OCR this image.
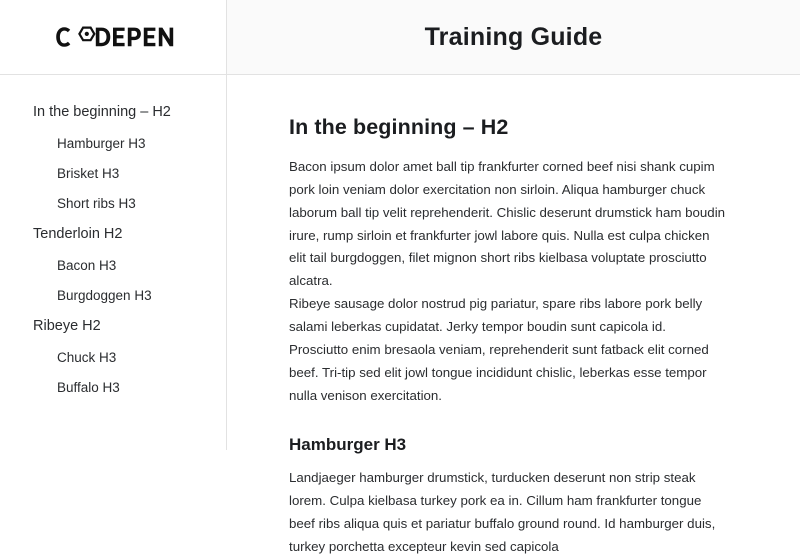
Training Guide
In the beginning – H2
Hamburger H3
Brisket H3
Short ribs H3
Tenderloin H2
Bacon H3
Burgdoggen H3
Ribeye H2
Chuck H3
Buffalo H3
In the beginning – H2

Bacon ipsum dolor amet ball tip frankfurter corned beef nisi shank cupim pork loin veniam dolor exercitation non sirloin. Aliqua hamburger chuck laborum ball tip velit reprehenderit. Chislic deserunt drumstick ham boudin irure, rump sirloin et frankfurter jowl labore quis. Nulla est culpa chicken elit tail burgdoggen, filet mignon short ribs kielbasa voluptate prosciutto alcatra.

Ribeye sausage dolor nostrud pig pariatur, spare ribs labore pork belly salami leberkas cupidatat. Jerky tempor boudin sunt capicola id. Prosciutto enim bresaola veniam, reprehenderit sunt fatback elit corned beef. Tri-tip sed elit jowl tongue incididunt chislic, leberkas esse tempor nulla venison exercitation.

Hamburger H3

Landjaeger hamburger drumstick, turducken deserunt non strip steak lorem. Culpa kielbasa turkey pork ea in. Cillum ham frankfurter tongue beef ribs aliqua quis et pariatur buffalo ground round. Id hamburger duis, turkey porchetta excepteur kevin sed capicola
